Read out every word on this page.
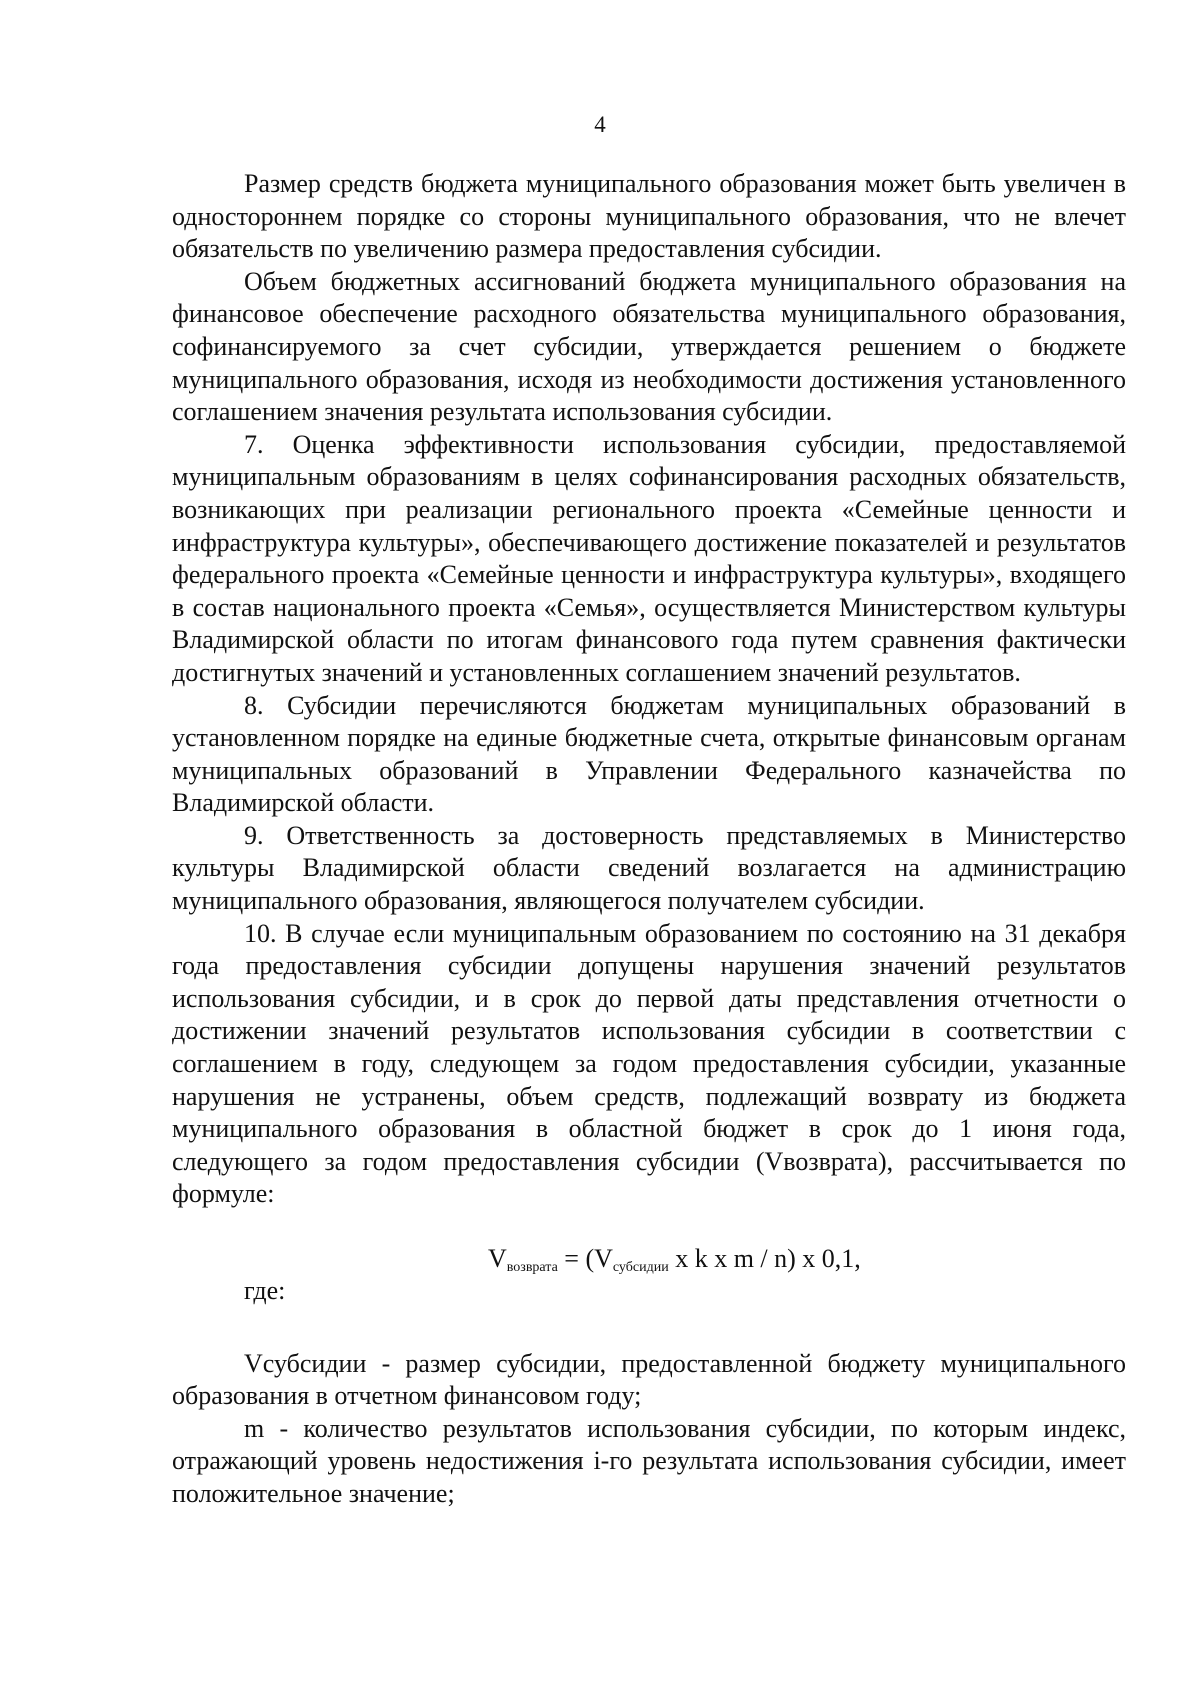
4

Размер средств бюджета муниципального образования может быть увеличен в одностороннем порядке со стороны муниципального образования, что не влечет обязательств по увеличению размера предоставления субсидии.

Объем бюджетных ассигнований бюджета муниципального образования на финансовое обеспечение расходного обязательства муниципального образования, софинансируемого за счет субсидии, утверждается решением о бюджете муниципального образования, исходя из необходимости достижения установленного соглашением значения результата использования субсидии.

7. Оценка эффективности использования субсидии, предоставляемой муниципальным образованиям в целях софинансирования расходных обязательств, возникающих при реализации регионального проекта «Семейные ценности и инфраструктура культуры», обеспечивающего достижение показателей и результатов федерального проекта «Семейные ценности и инфраструктура культуры», входящего в состав национального проекта «Семья», осуществляется Министерством культуры Владимирской области по итогам финансового года путем сравнения фактически достигнутых значений и установленных соглашением значений результатов.

8. Субсидии перечисляются бюджетам муниципальных образований в установленном порядке на единые бюджетные счета, открытые финансовым органам муниципальных образований в Управлении Федерального казначейства по Владимирской области.

9. Ответственность за достоверность представляемых в Министерство культуры Владимирской области сведений возлагается на администрацию муниципального образования, являющегося получателем субсидии.

10. В случае если муниципальным образованием по состоянию на 31 декабря года предоставления субсидии допущены нарушения значений результатов использования субсидии, и в срок до первой даты представления отчетности о достижении значений результатов использования субсидии в соответствии с соглашением в году, следующем за годом предоставления субсидии, указанные нарушения не устранены, объем средств, подлежащий возврату из бюджета муниципального образования в областной бюджет в срок до 1 июня года, следующего за годом предоставления субсидии (Vвозврата), рассчитывается по формуле:

$V_{возврата} = (V_{субсидии}$ x k x m / n) x 0,1,

где:

Vсубсидии - размер субсидии, предоставленной бюджету муниципального образования в отчетном финансовом году;

m - количество результатов использования субсидии, по которым индекс, отражающий уровень недостижения i-го результата использования субсидии, имеет положительное значение;
